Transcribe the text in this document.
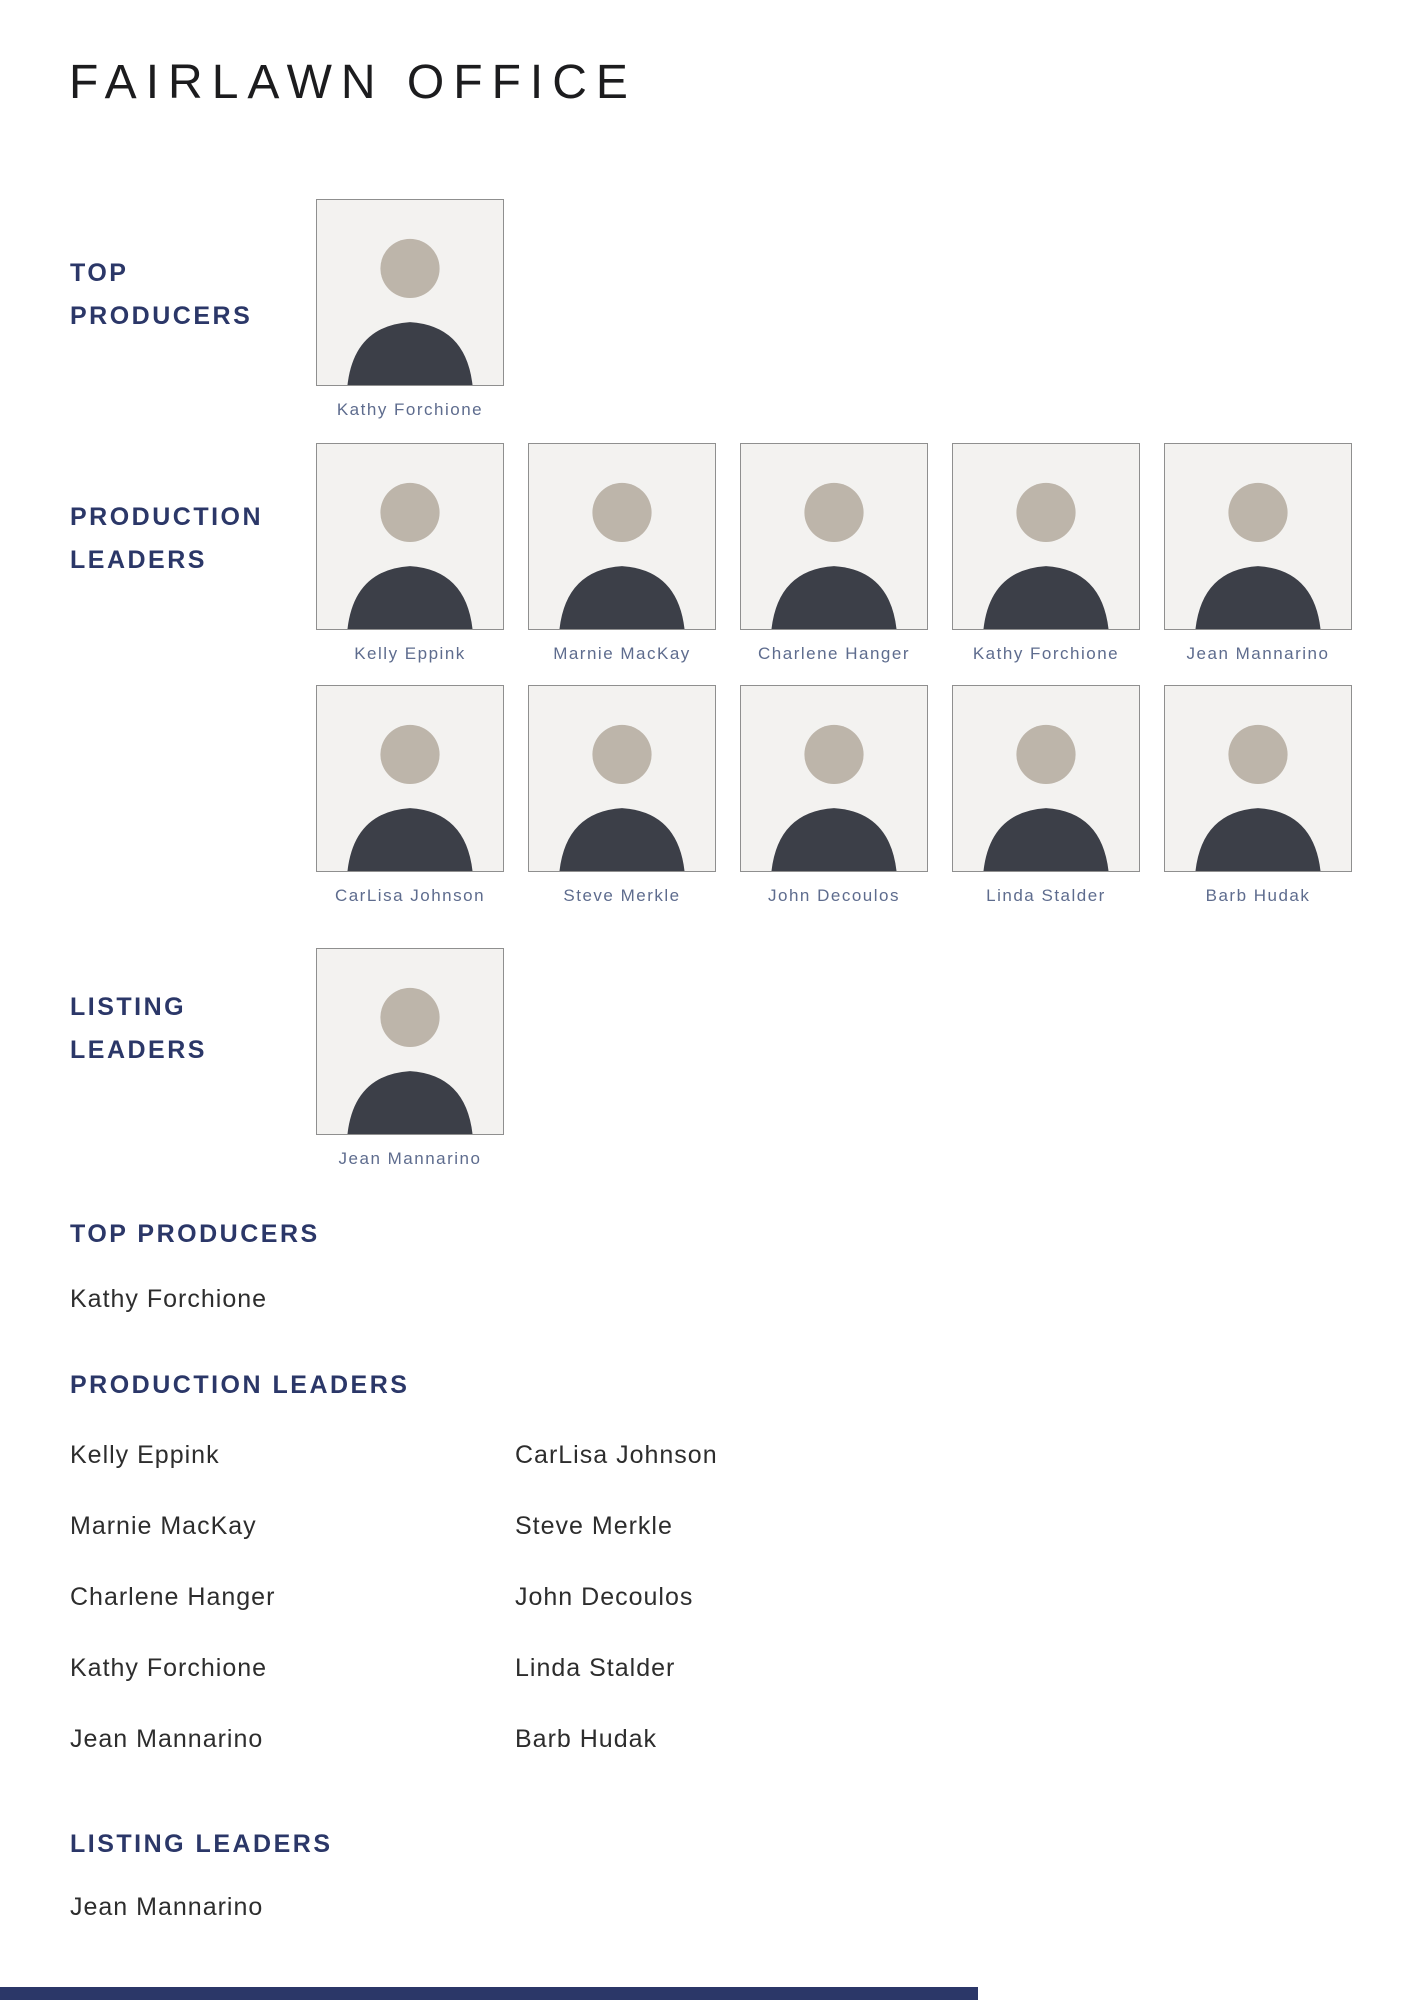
FAIRLAWN OFFICE
TOP
PRODUCERS
Kathy Forchione
PRODUCTION
LEADERS
Kelly Eppink	Marnie MacKay	Charlene Hanger	Kathy Forchione	Jean Mannarino
CarLisa Johnson	Steve Merkle	John Decoulos	Linda Stalder	Barb Hudak
LISTING
LEADERS
Jean Mannarino
TOP PRODUCERS
Kathy Forchione
PRODUCTION LEADERS
Kelly Eppink
Marnie MacKay
Charlene Hanger
Kathy Forchione
Jean Mannarino
CarLisa Johnson
Steve Merkle
John Decoulos
Linda Stalder
Barb Hudak
LISTING LEADERS
Jean Mannarino
